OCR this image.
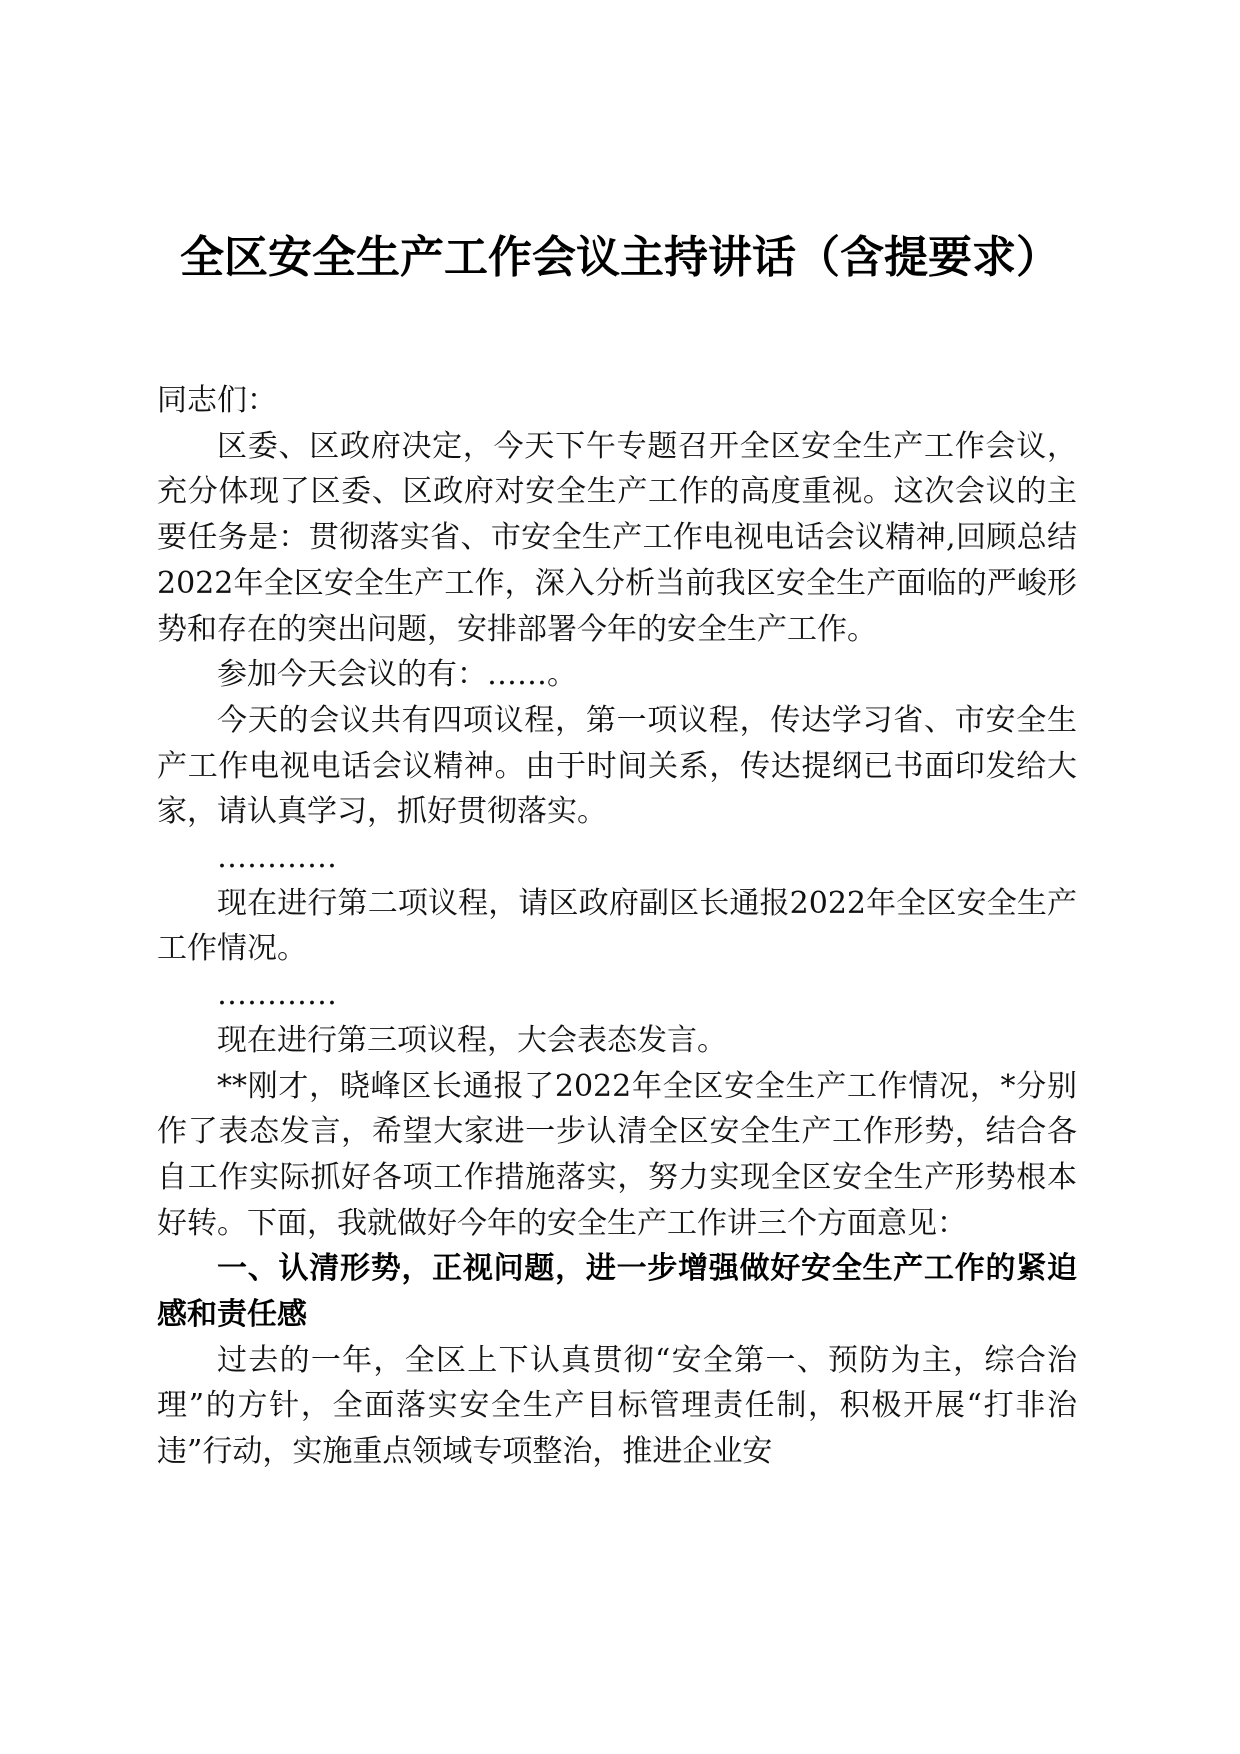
全区安全生产工作会议主持讲话（含提要求）

同志们：

区委、区政府决定，今天下午专题召开全区安全生产工作会议，充分体现了区委、区政府对安全生产工作的高度重视。这次会议的主要任务是：贯彻落实省、市安全生产工作电视电话会议精神,回顾总结2022年全区安全生产工作，深入分析当前我区安全生产面临的严峻形势和存在的突出问题，安排部署今年的安全生产工作。

参加今天会议的有：……。

今天的会议共有四项议程，第一项议程，传达学习省、市安全生产工作电视电话会议精神。由于时间关系，传达提纲已书面印发给大家，请认真学习，抓好贯彻落实。

…………

现在进行第二项议程，请区政府副区长通报2022年全区安全生产工作情况。

…………

现在进行第三项议程，大会表态发言。

**刚才，晓峰区长通报了2022年全区安全生产工作情况，*分别作了表态发言，希望大家进一步认清全区安全生产工作形势，结合各自工作实际抓好各项工作措施落实，努力实现全区安全生产形势根本好转。下面，我就做好今年的安全生产工作讲三个方面意见：

一、认清形势，正视问题，进一步增强做好安全生产工作的紧迫感和责任感

过去的一年，全区上下认真贯彻“安全第一、预防为主，综合治理”的方针，全面落实安全生产目标管理责任制，积极开展“打非治违”行动，实施重点领域专项整治，推进企业安
